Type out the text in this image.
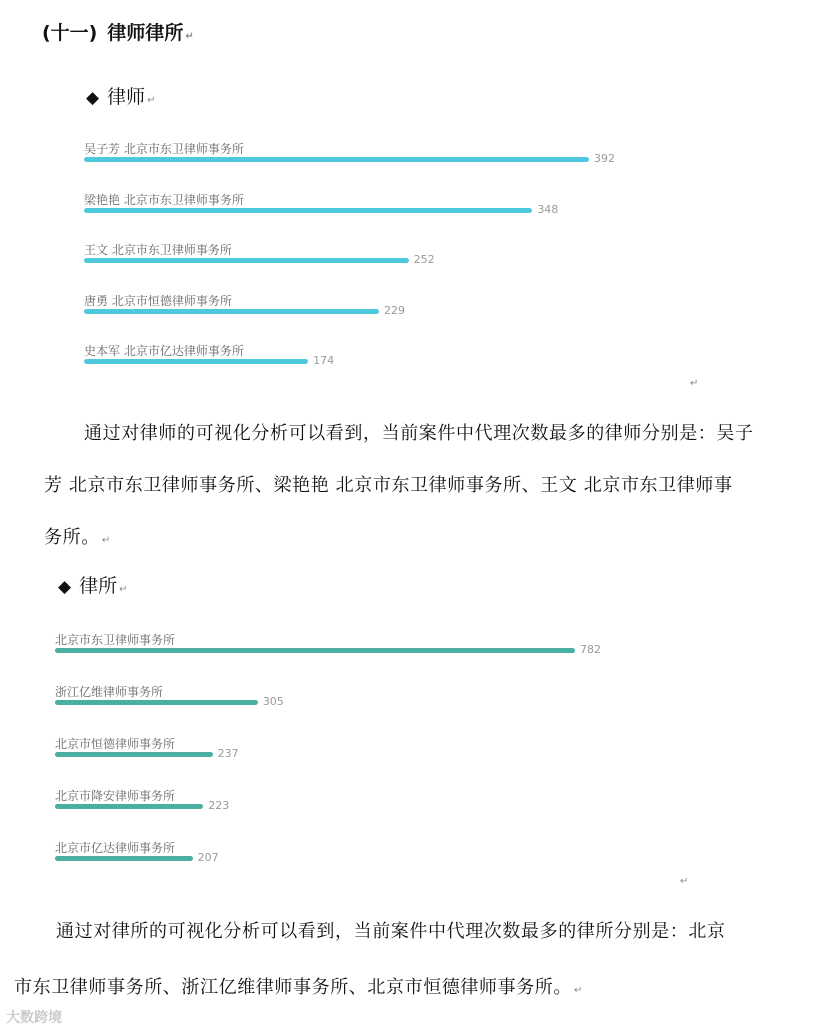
(十一) 律师律所 ↵
◆ 律师 ↵
吴子芳 北京市东卫律师事务所
392
梁艳艳 北京市东卫律师事务所
348
王文 北京市东卫律师事务所
252
唐勇 北京市恒德律师事务所
229
史本军 北京市亿达律师事务所
174
↵
通过对律师的可视化分析可以看到，当前案件中代理次数最多的律师分别是：吴子
芳 北京市东卫律师事务所、梁艳艳 北京市东卫律师事务所、王文 北京市东卫律师事
务所。 ↵
◆ 律所 ↵
北京市东卫律师事务所
782
浙江亿维律师事务所
305
北京市恒德律师事务所
237
北京市降安律师事务所
223
北京市亿达律师事务所
207
↵
通过对律所的可视化分析可以看到，当前案件中代理次数最多的律所分别是：北京
市东卫律师事务所、浙江亿维律师事务所、北京市恒德律师事务所。 ↵
大数跨境
